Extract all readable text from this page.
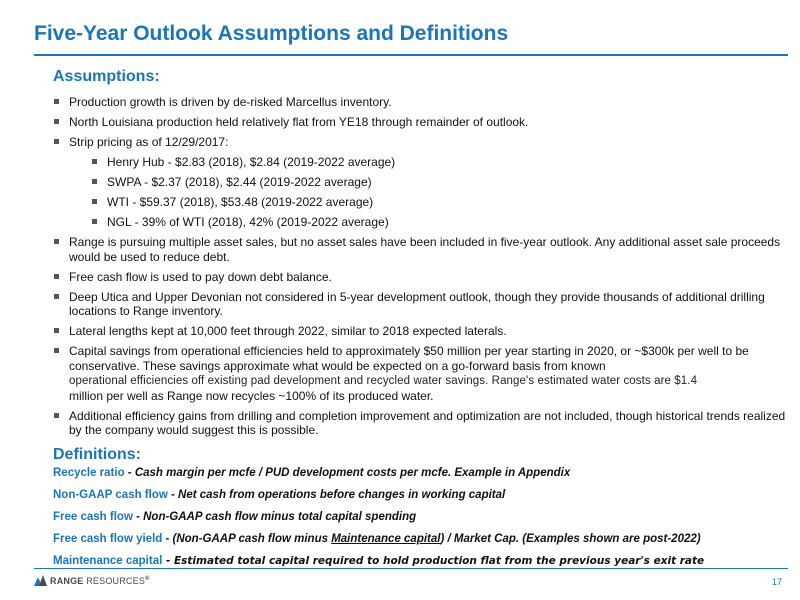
Five-Year Outlook Assumptions and Definitions
Assumptions:
Production growth is driven by de-risked Marcellus inventory.
North Louisiana production held relatively flat from YE18 through remainder of outlook.
Strip pricing as of 12/29/2017:
Henry Hub - $2.83 (2018), $2.84 (2019-2022 average)
SWPA - $2.37 (2018), $2.44 (2019-2022 average)
WTI - $59.37 (2018), $53.48 (2019-2022 average)
NGL - 39% of WTI (2018), 42% (2019-2022 average)
Range is pursuing multiple asset sales, but no asset sales have been included in five-year outlook. Any additional asset sale proceeds would be used to reduce debt.
Free cash flow is used to pay down debt balance.
Deep Utica and Upper Devonian not considered in 5-year development outlook, though they provide thousands of additional drilling locations to Range inventory.
Lateral lengths kept at 10,000 feet through 2022, similar to 2018 expected laterals.
Capital savings from operational efficiencies held to approximately $50 million per year starting in 2020, or ~$300k per well to be conservative. These savings approximate what would be expected on a go-forward basis from known
operational efficiencies off existing pad development and recycled water savings. Range's estimated water costs are $1.4
million per well as Range now recycles ~100% of its produced water.
Additional efficiency gains from drilling and completion improvement and optimization are not included, though historical trends realized by the company would suggest this is possible.
Definitions:
Recycle ratio - Cash margin per mcfe / PUD development costs per mcfe. Example in Appendix
Non-GAAP cash flow - Net cash from operations before changes in working capital
Free cash flow - Non-GAAP cash flow minus total capital spending
Free cash flow yield - (Non-GAAP cash flow minus Maintenance capital) / Market Cap. (Examples shown are post-2022)
Maintenance capital - Estimated total capital required to hold production flat from the previous year's exit rate
RANGE RESOURCES®	17
